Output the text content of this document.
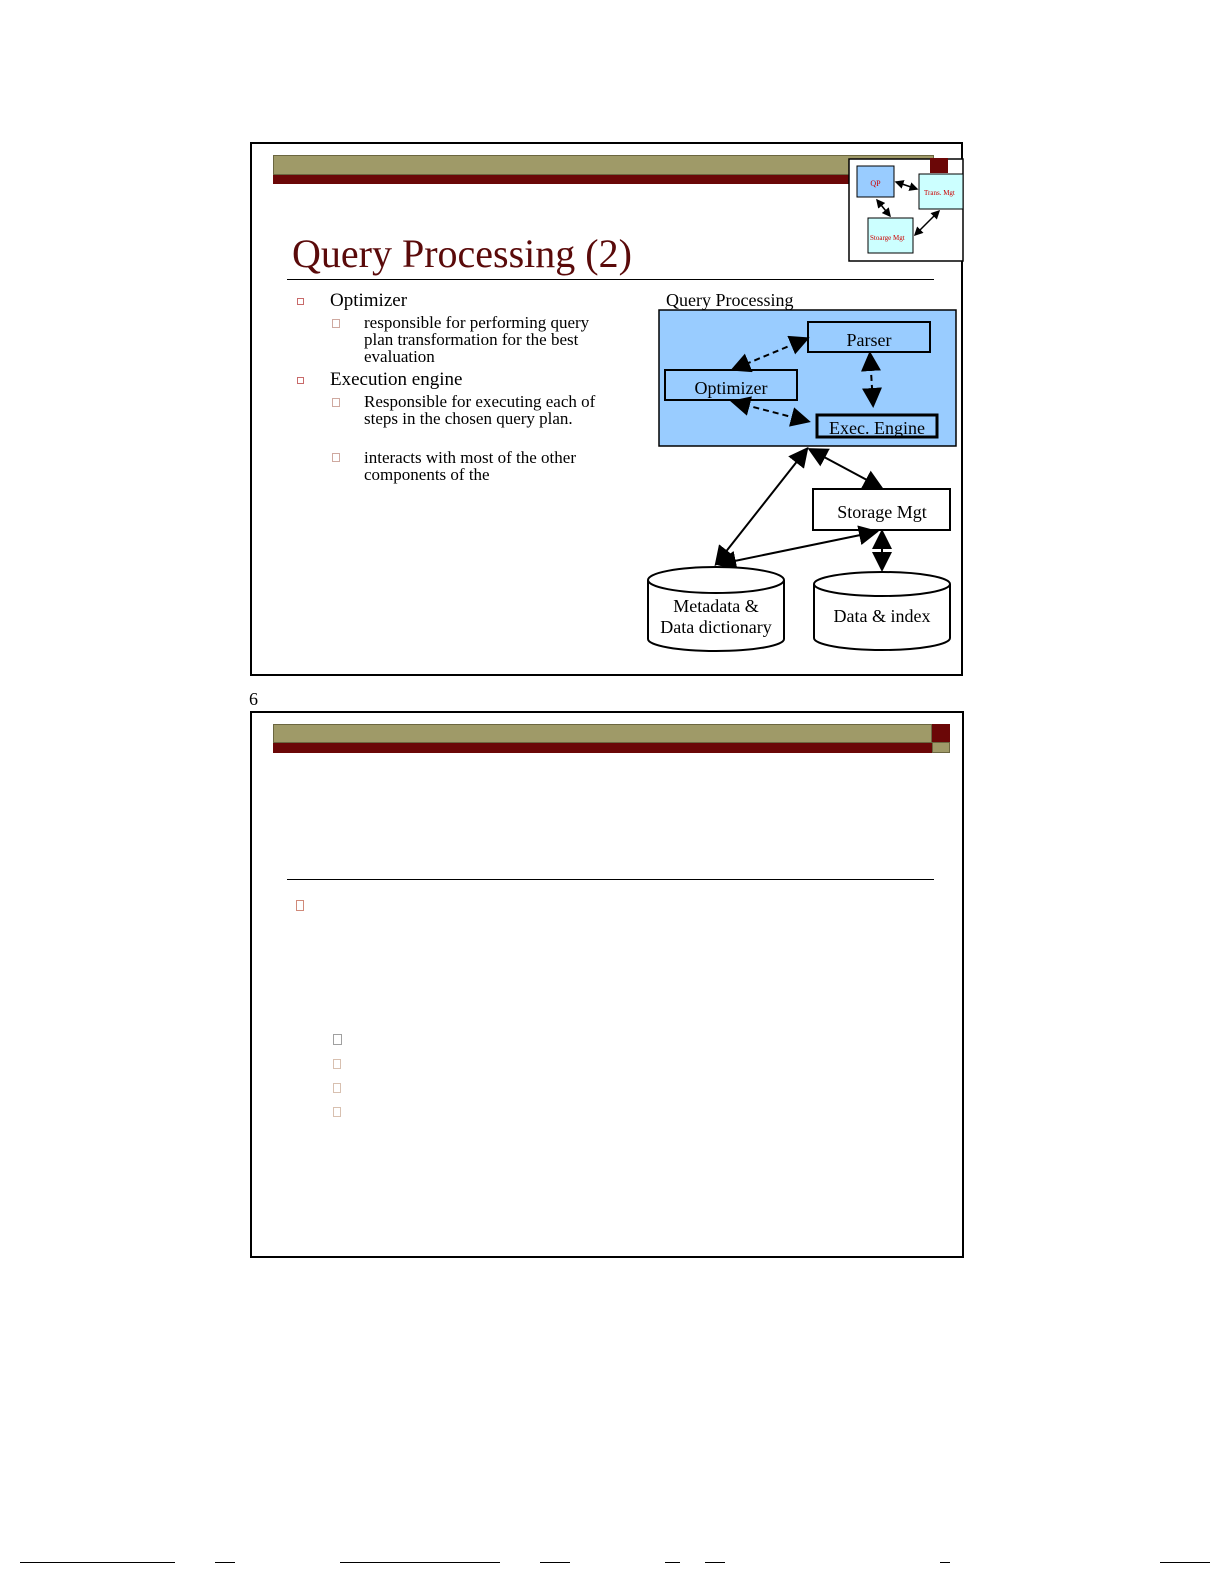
QP
Trans. Mgt
Stoarge Mgt
Query Processing (2)
Optimizer
responsible for performing query plan transformation for the best evaluation
Execution engine
Responsible for executing each of steps in the chosen query plan.
interacts with most of the other components of the
Query Processing
Parser
Optimizer
Exec. Engine
Storage Mgt
Metadata &
Data dictionary
Data & index
6
